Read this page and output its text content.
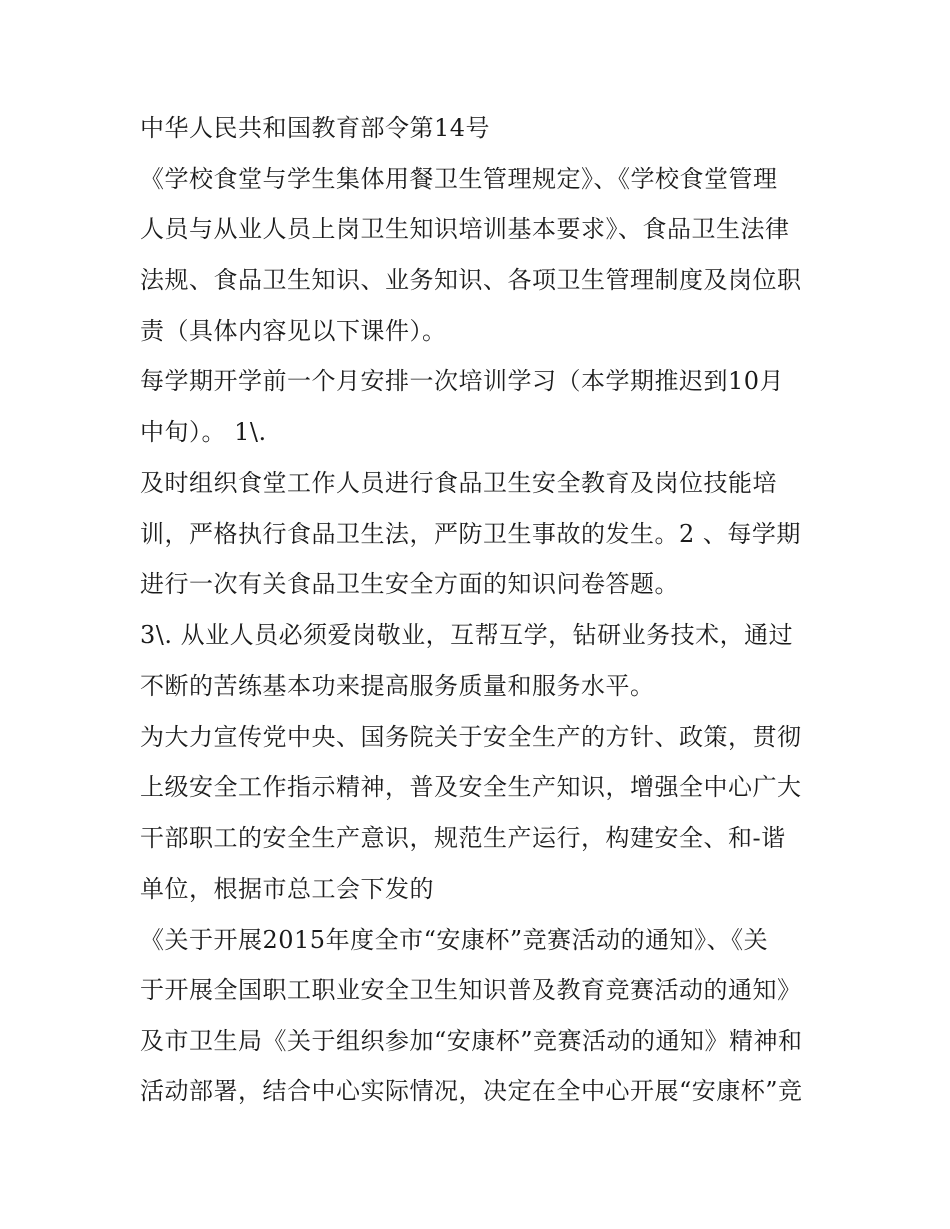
中华人民共和国教育部令第14号
《学校食堂与学生集体用餐卫生管理规定》、《学校食堂管理
人员与从业人员上岗卫生知识培训基本要求》、食品卫生法律
法规、食品卫生知识、业务知识、各项卫生管理制度及岗位职
责（具体内容见以下课件）。
每学期开学前一个月安排一次培训学习（本学期推迟到10月
中旬）。 1\.
及时组织食堂工作人员进行食品卫生安全教育及岗位技能培
训，严格执行食品卫生法，严防卫生事故的发生。2 、每学期
进行一次有关食品卫生安全方面的知识问卷答题。
3\. 从业人员必须爱岗敬业，互帮互学，钻研业务技术，通过
不断的苦练基本功来提高服务质量和服务水平。
为大力宣传党中央、国务院关于安全生产的方针、政策，贯彻
上级安全工作指示精神，普及安全生产知识，增强全中心广大
干部职工的安全生产意识，规范生产运行，构建安全、和-谐
单位，根据市总工会下发的
《关于开展2015年度全市“安康杯”竞赛活动的通知》、《关
于开展全国职工职业安全卫生知识普及教育竞赛活动的通知》
及市卫生局《关于组织参加“安康杯”竞赛活动的通知》精神和
活动部署，结合中心实际情况，决定在全中心开展“安康杯”竞
